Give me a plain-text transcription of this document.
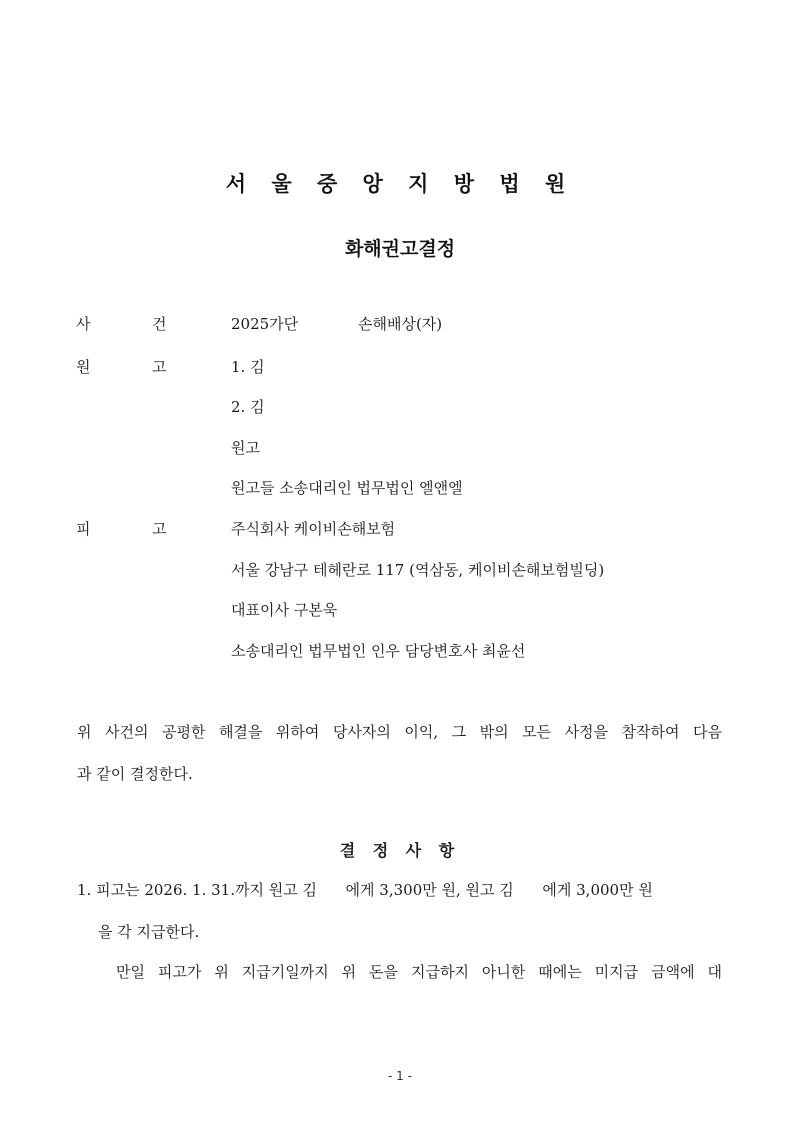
서 울 중 앙 지 방 법 원
화해권고결정
사	건	2025가단	손해배상(자)
원	고	1. 김
2. 김
원고
원고들 소송대리인 법무법인 엘앤엘
피	고	주식회사 케이비손해보험
서울 강남구 테헤란로 117 (역삼동, 케이비손해보험빌딩)
대표이사 구본욱
소송대리인 법무법인 인우 담당변호사 최윤선
위 사건의 공평한 해결을 위하여 당사자의 이익, 그 밖의 모든 사정을 참작하여 다음
과 같이 결정한다.
결 정 사 항
1. 피고는 2026. 1. 31.까지 원고 김      에게 3,300만 원, 원고 김      에게 3,000만 원
을 각 지급한다.
만일 피고가 위 지급기일까지 위 돈을 지급하지 아니한 때에는 미지급 금액에 대
- 1 -
